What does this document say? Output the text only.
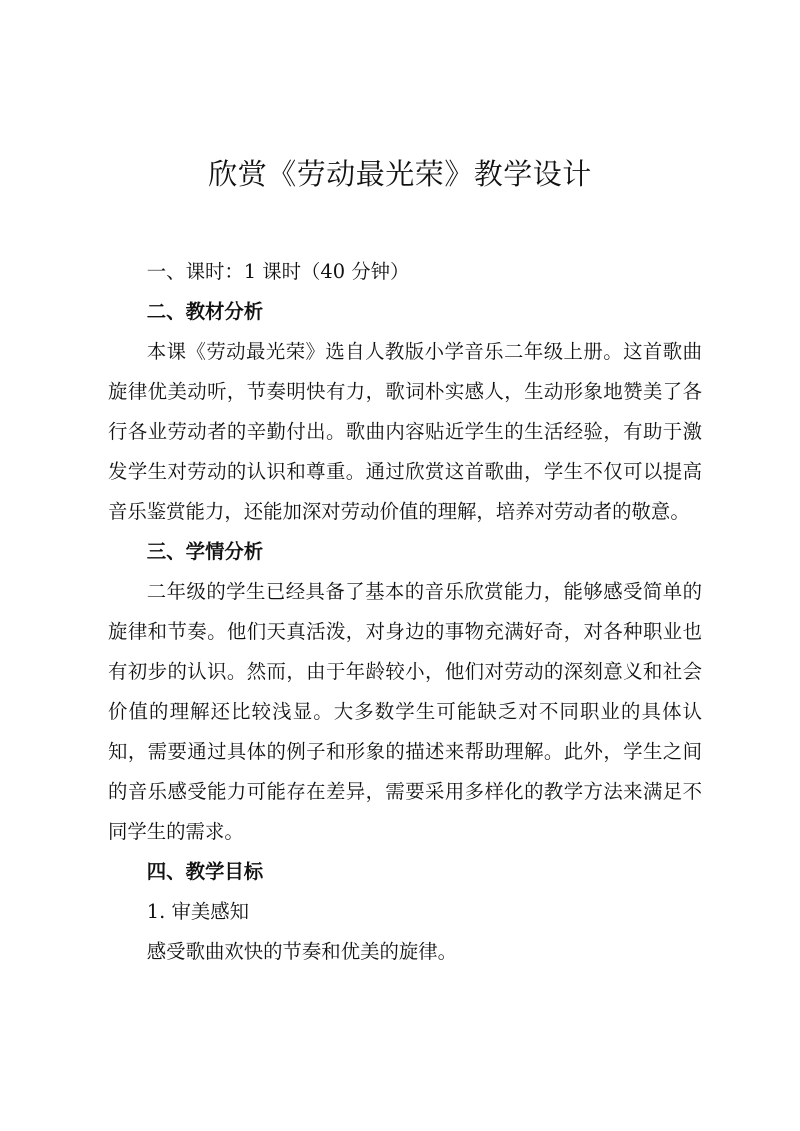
欣赏《劳动最光荣》教学设计

一、课时：1 课时（40 分钟）

二、教材分析

本课《劳动最光荣》选自人教版小学音乐二年级上册。这首歌曲旋律优美动听，节奏明快有力，歌词朴实感人，生动形象地赞美了各行各业劳动者的辛勤付出。歌曲内容贴近学生的生活经验，有助于激发学生对劳动的认识和尊重。通过欣赏这首歌曲，学生不仅可以提高音乐鉴赏能力，还能加深对劳动价值的理解，培养对劳动者的敬意。

三、学情分析

二年级的学生已经具备了基本的音乐欣赏能力，能够感受简单的旋律和节奏。他们天真活泼，对身边的事物充满好奇，对各种职业也有初步的认识。然而，由于年龄较小，他们对劳动的深刻意义和社会价值的理解还比较浅显。大多数学生可能缺乏对不同职业的具体认知，需要通过具体的例子和形象的描述来帮助理解。此外，学生之间的音乐感受能力可能存在差异，需要采用多样化的教学方法来满足不同学生的需求。

四、教学目标

1. 审美感知

感受歌曲欢快的节奏和优美的旋律。
